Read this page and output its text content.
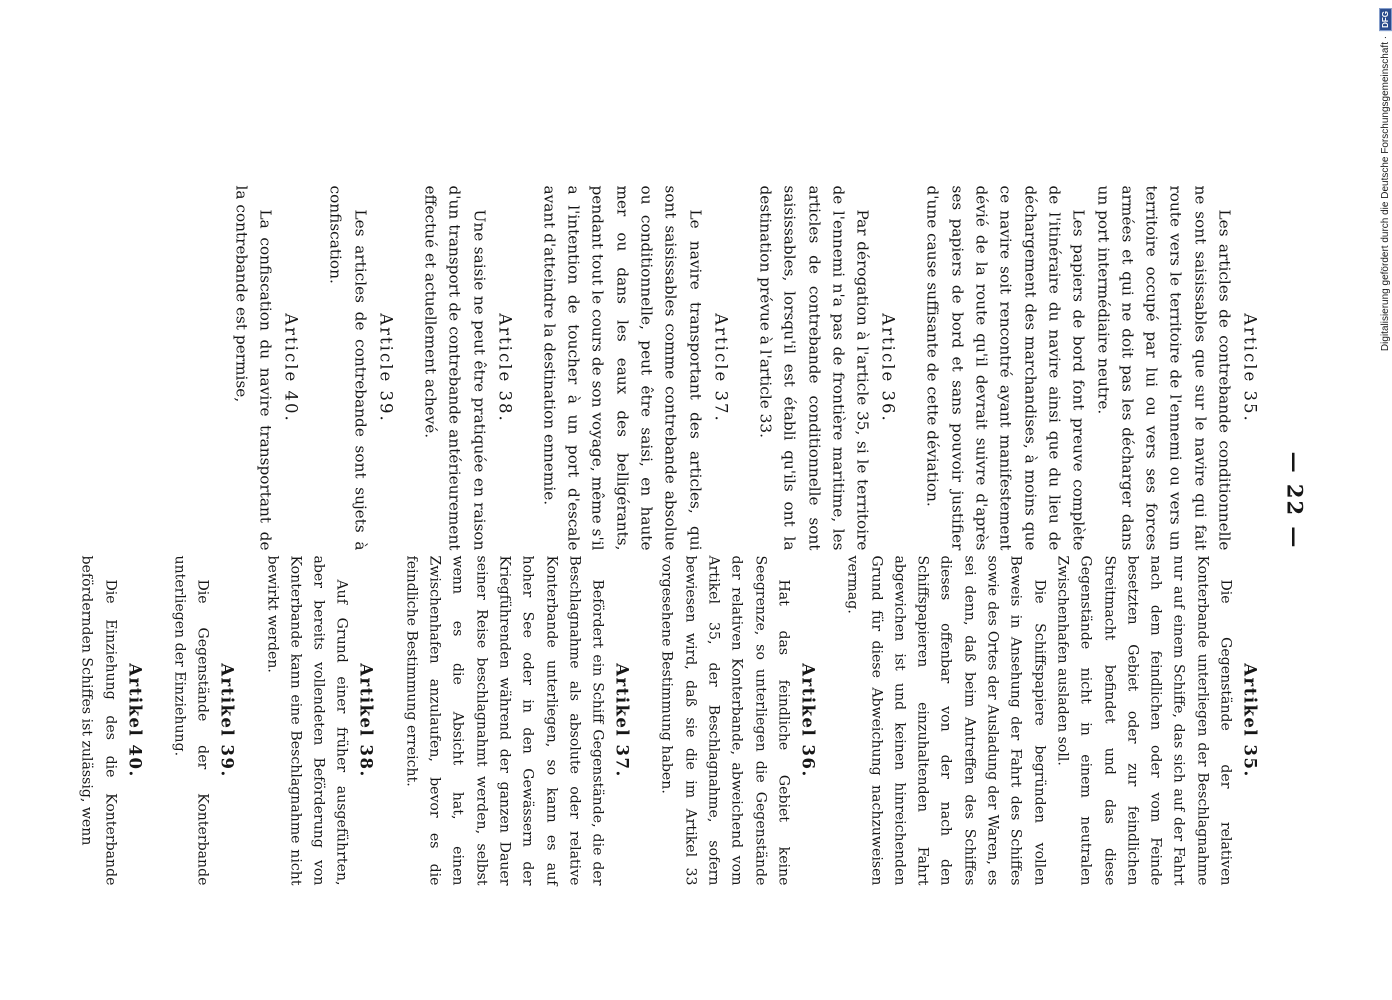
— 22 —

Article 35.

Les articles de contrebande conditionnelle ne sont saisissables que sur le navire qui fait route vers le territoire de l'ennemi ou vers un territoire occupé par lui ou vers ses forces armées et qui ne doit pas les décharger dans un port intermédiaire neutre.

Les papiers de bord font preuve complète de l'itinéraire du navire ainsi que du lieu de déchargement des marchandises, à moins que ce navire soit rencontré ayant manifestement dévié de la route qu'il devrait suivre d'après ses papiers de bord et sans pouvoir justifier d'une cause suffisante de cette déviation.

Article 36.

Par dérogation à l'article 35, si le territoire de l'ennemi n'a pas de frontière maritime, les articles de contrebande conditionnelle sont saisissables, lorsqu'il est établi qu'ils ont la destination prévue à l'article 33.

Article 37.

Le navire transportant des articles, qui sont saisissables comme contrebande absolue ou conditionnelle, peut être saisi, en haute mer ou dans les eaux des belligérants, pendant tout le cours de son voyage, même s'il a l'intention de toucher à un port d'escale avant d'atteindre la destination ennemie.

Article 38.

Une saisie ne peut être pratiquée en raison d'un transport de contrebande antérieurement effectué et actuellement achevé.

Article 39.

Les articles de contrebande sont sujets à confiscation.

Article 40.

La confiscation du navire transportant de la contrebande est permise,

Artikel 35.

Die Gegenstände der relativen Konterbande unterliegen der Beschlagnahme nur auf einem Schiffe, das sich auf der Fahrt nach dem feindlichen oder vom Feinde besetzten Gebiet oder zur feindlichen Streitmacht befindet und das diese Gegenstände nicht in einem neutralen Zwischenhafen ausladen soll.

Die Schiffspapiere begründen vollen Beweis in Ansehung der Fahrt des Schiffes sowie des Ortes der Ausladung der Waren, es sei denn, daß beim Antreffen des Schiffes dieses offenbar von der nach den Schiffspapieren einzuhaltenden Fahrt abgewichen ist und keinen hinreichenden Grund für diese Abweichung nachzuweisen vermag.

Artikel 36.

Hat das feindliche Gebiet keine Seegrenze, so unterliegen die Gegenstände der relativen Konterbande, abweichend vom Artikel 35, der Beschlagnahme, sofern bewiesen wird, daß sie die im Artikel 33 vorgesehene Bestimmung haben.

Artikel 37.

Befördert ein Schiff Gegenstände, die der Beschlagnahme als absolute oder relative Konterbande unterliegen, so kann es auf hoher See oder in den Gewässern der Kriegführenden während der ganzen Dauer seiner Reise beschlagnahmt werden, selbst wenn es die Absicht hat, einen Zwischenhafen anzulaufen, bevor es die feindliche Bestimmung erreicht.

Artikel 38.

Auf Grund einer früher ausgeführten, aber bereits vollendeten Beförderung von Konterbande kann eine Beschlagnahme nicht bewirkt werden.

Artikel 39.

Die Gegenstände der Konterbande unterliegen der Einziehung.

Artikel 40.

Die Einziehung des die Konterbande befördernden Schiffes ist zulässig, wenn

Digitalisierung gefördert durch die Deutsche Forschungsgemeinschaft ·
DFG
